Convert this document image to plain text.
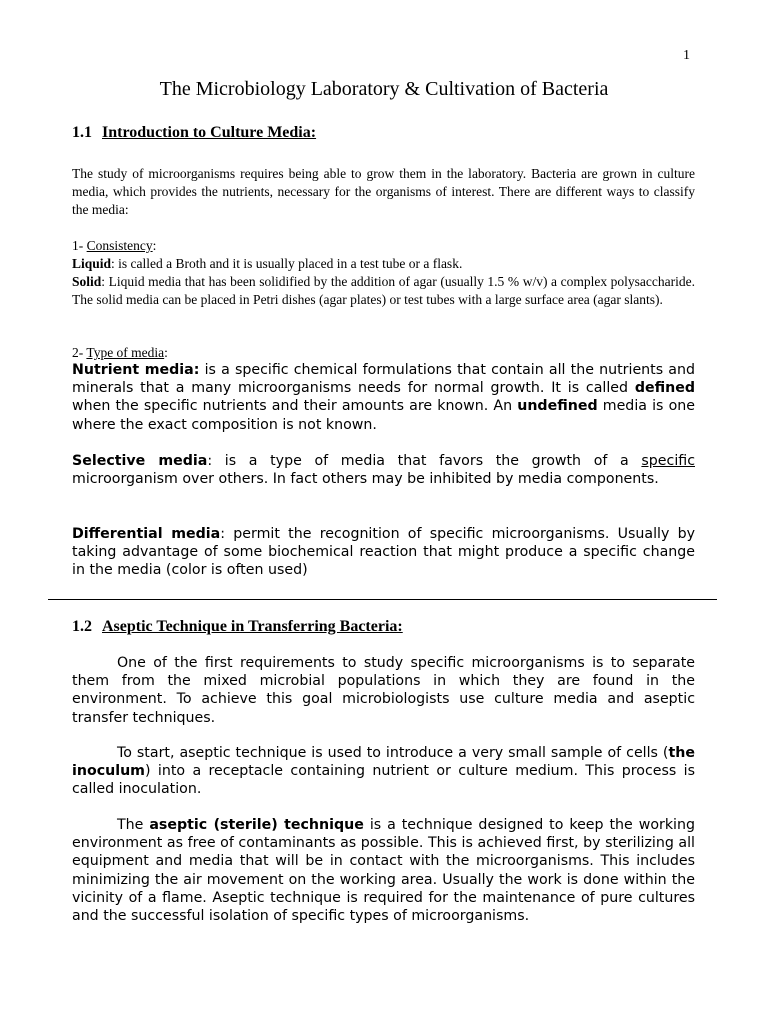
1
The Microbiology Laboratory & Cultivation of Bacteria
1.1 Introduction to Culture Media:

The study of microorganisms requires being able to grow them in the laboratory. Bacteria are grown in culture media, which provides the nutrients, necessary for the organisms of interest. There are different ways to classify the media:

1- Consistency:

Liquid: is called a Broth and it is usually placed in a test tube or a flask.

Solid: Liquid media that has been solidified by the addition of agar (usually 1.5 % w/v) a complex polysaccharide. The solid media can be placed in Petri dishes (agar plates) or test tubes with a large surface area (agar slants).

2- Type of media:

Nutrient media: is a specific chemical formulations that contain all the nutrients and minerals that a many microorganisms needs for normal growth. It is called defined when the specific nutrients and their amounts are known. An undefined media is one where the exact composition is not known.

Selective media: is a type of media that favors the growth of a specific microorganism over others. In fact others may be inhibited by media components.

Differential media: permit the recognition of specific microorganisms. Usually by taking advantage of some biochemical reaction that might produce a specific change in the media (color is often used)

1.2 Aseptic Technique in Transferring Bacteria:

One of the first requirements to study specific microorganisms is to separate them from the mixed microbial populations in which they are found in the environment. To achieve this goal microbiologists use culture media and aseptic transfer techniques.

To start, aseptic technique is used to introduce a very small sample of cells (the inoculum) into a receptacle containing nutrient or culture medium. This process is called inoculation.

The aseptic (sterile) technique is a technique designed to keep the working environment as free of contaminants as possible. This is achieved first, by sterilizing all equipment and media that will be in contact with the microorganisms. This includes minimizing the air movement on the working area. Usually the work is done within the vicinity of a flame. Aseptic technique is required for the maintenance of pure cultures and the successful isolation of specific types of microorganisms.
